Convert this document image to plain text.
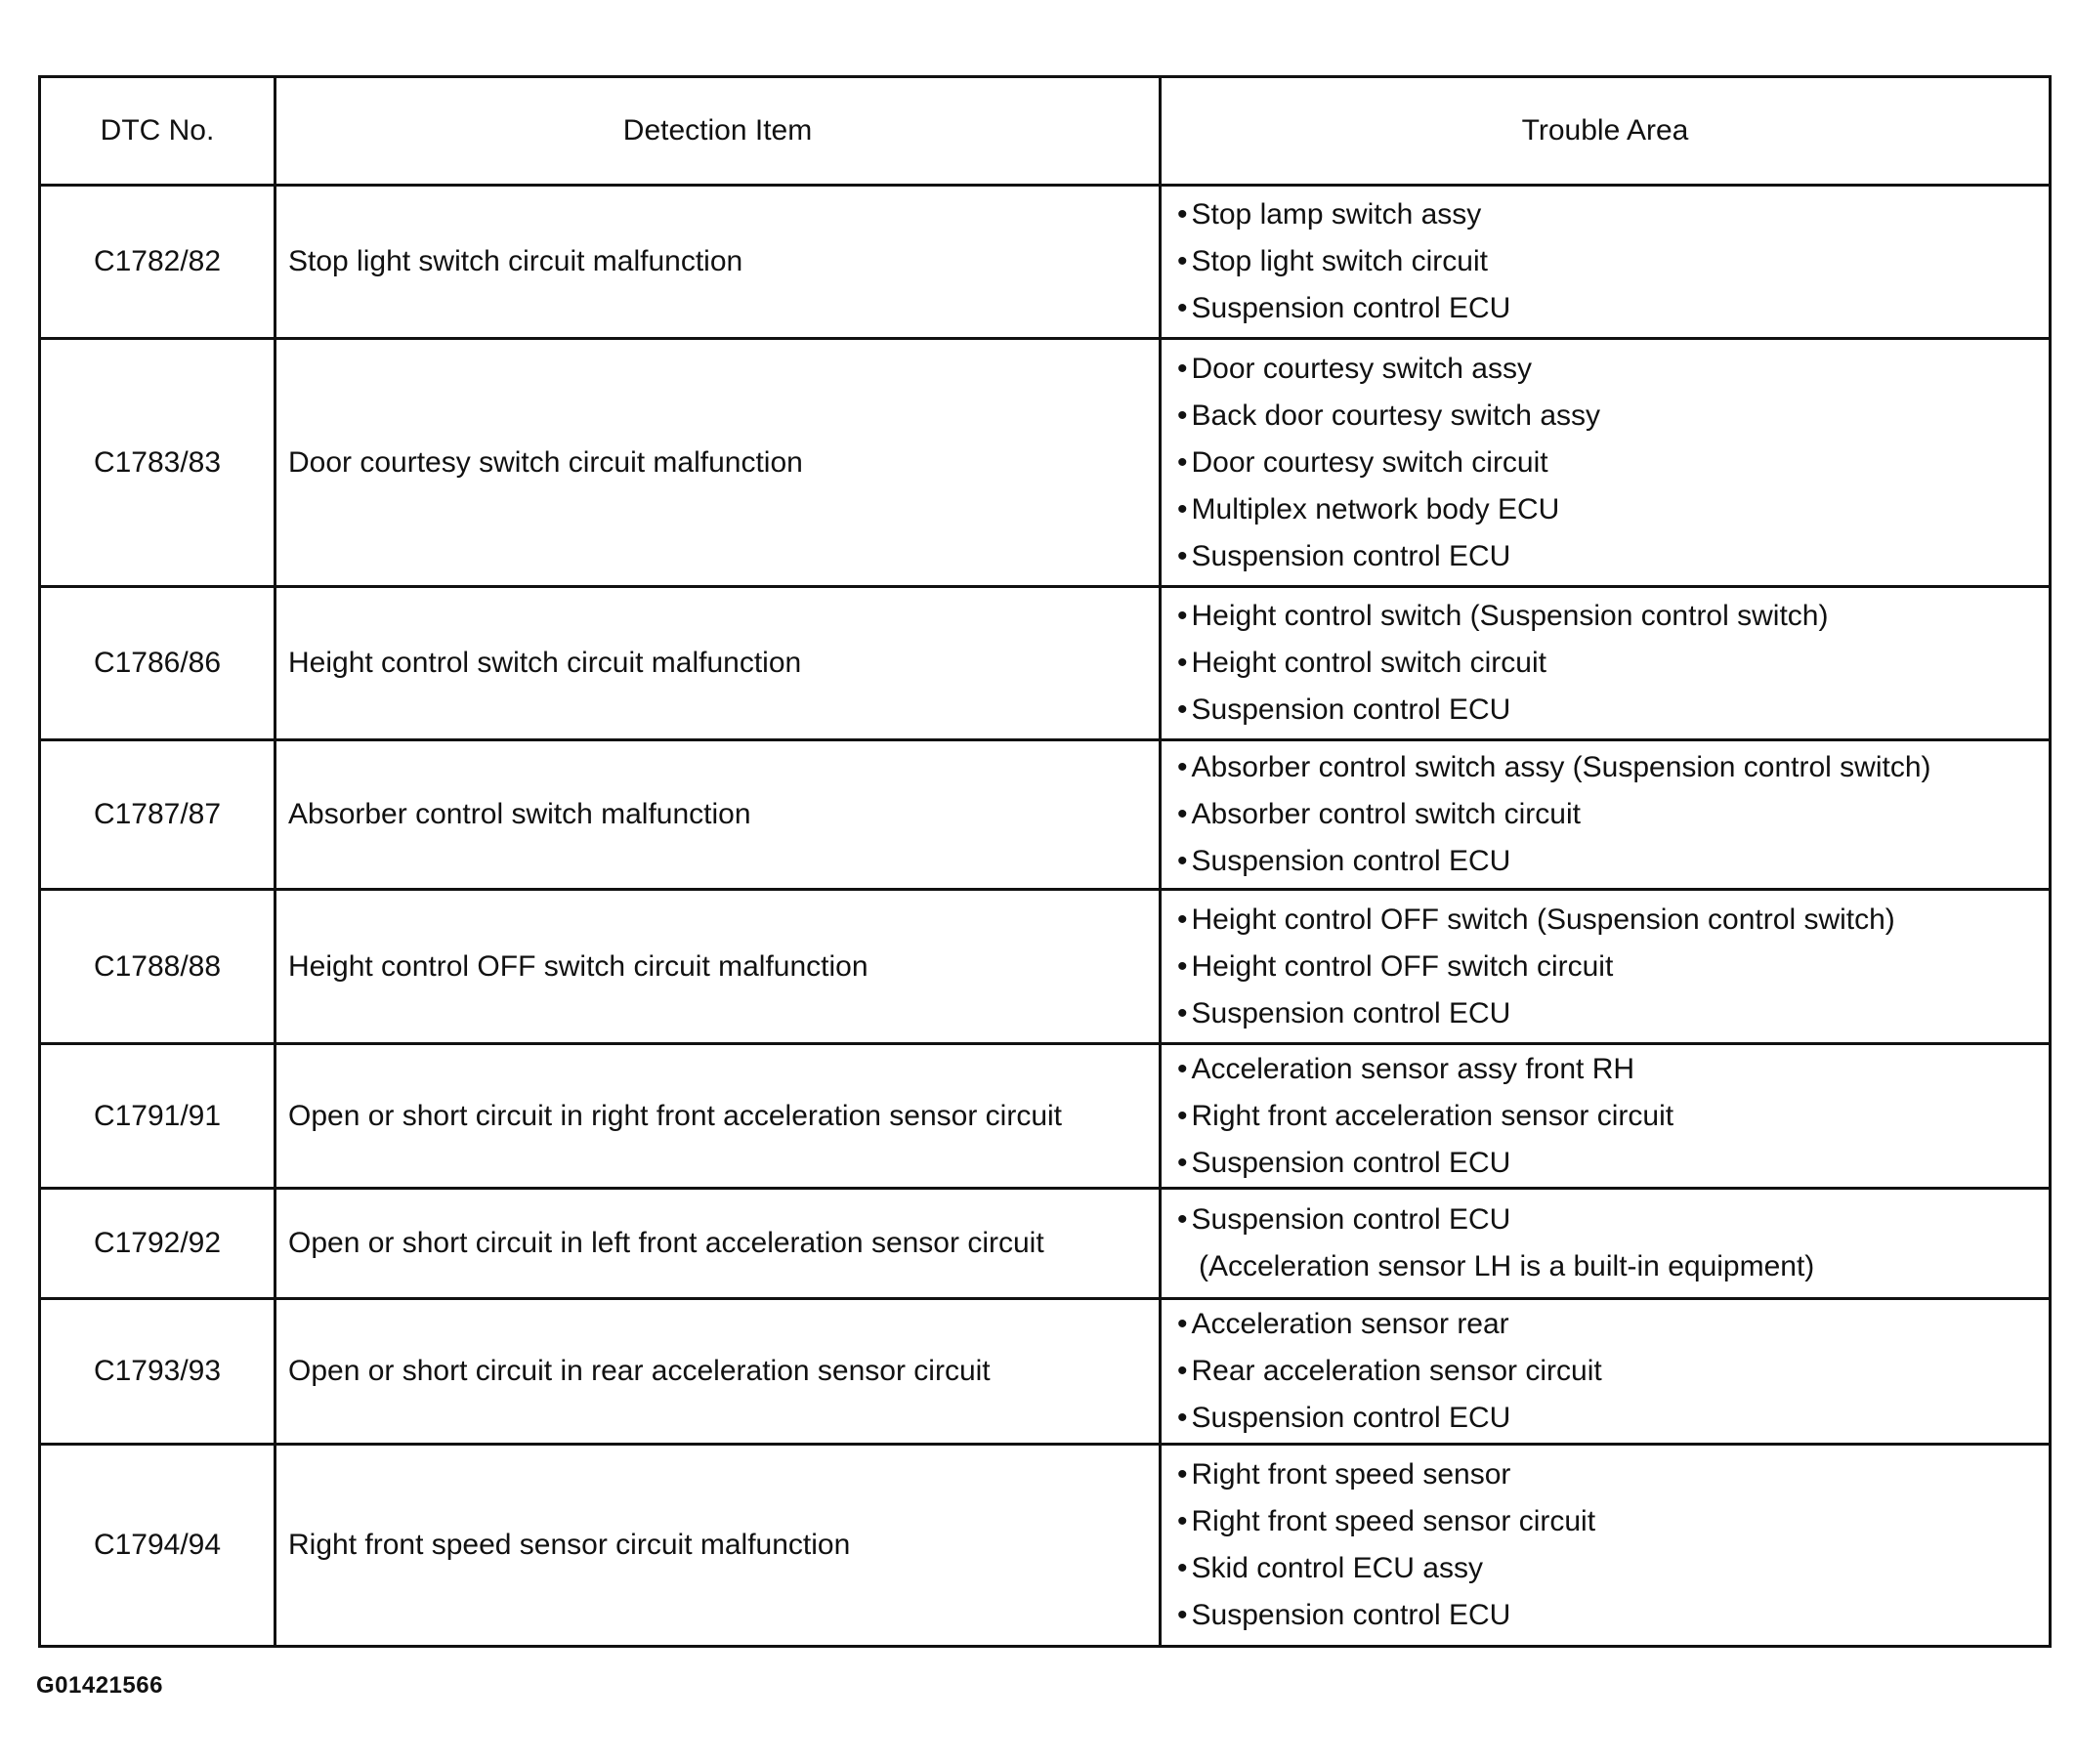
DTC No.	Detection Item	Trouble Area
C1782/82	Stop light switch circuit malfunction	• Stop lamp switch assy
• Stop light switch circuit
• Suspension control ECU

C1783/83	Door courtesy switch circuit malfunction	• Door courtesy switch assy
• Back door courtesy switch assy
• Door courtesy switch circuit
• Multiplex network body ECU
• Suspension control ECU

C1786/86	Height control switch circuit malfunction	• Height control switch (Suspension control switch)
• Height control switch circuit
• Suspension control ECU

C1787/87	Absorber control switch malfunction	• Absorber control switch assy (Suspension control switch)
• Absorber control switch circuit
• Suspension control ECU

C1788/88	Height control OFF switch circuit malfunction	• Height control OFF switch (Suspension control switch)
• Height control OFF switch circuit
• Suspension control ECU

C1791/91	Open or short circuit in right front acceleration sensor circuit	• Acceleration sensor assy front RH
• Right front acceleration sensor circuit
• Suspension control ECU

C1792/92	Open or short circuit in left front acceleration sensor circuit	• Suspension control ECU
(Acceleration sensor LH is a built-in equipment)

C1793/93	Open or short circuit in rear acceleration sensor circuit	• Acceleration sensor rear
• Rear acceleration sensor circuit
• Suspension control ECU

C1794/94	Right front speed sensor circuit malfunction	• Right front speed sensor
• Right front speed sensor circuit
• Skid control ECU assy
• Suspension control ECU
G01421566
